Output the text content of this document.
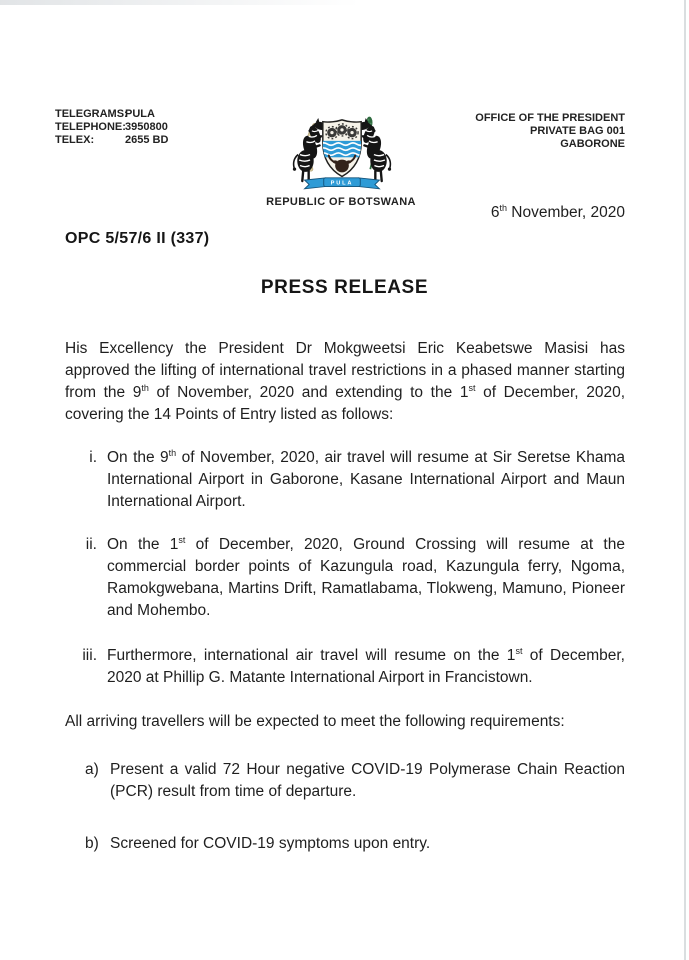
TELEGRAMS:
PULA
TELEPHONE: 3950800
TELEX:	2655 BD
OFFICE OF THE PRESIDENT
PRIVATE BAG 001
GABORONE
PULA
REPUBLIC OF BOTSWANA
6th November, 2020
OPC 5/57/6 II (337)
PRESS RELEASE

His Excellency the President Dr Mokgweetsi Eric Keabetswe Masisi has approved the lifting of international travel restrictions in a phased manner starting from the 9th of November, 2020 and extending to the 1st of December, 2020, covering the 14 Points of Entry listed as follows:

i. On the 9th of November, 2020, air travel will resume at Sir Seretse Khama International Airport in Gaborone, Kasane International Airport and Maun International Airport.
ii. On the 1st of December, 2020, Ground Crossing will resume at the commercial border points of Kazungula road, Kazungula ferry, Ngoma, Ramokgwebana, Martins Drift, Ramatlabama, Tlokweng, Mamuno, Pioneer and Mohembo.
iii. Furthermore, international air travel will resume on the 1st of December, 2020 at Phillip G. Matante International Airport in Francistown.

All arriving travellers will be expected to meet the following requirements:

a) Present a valid 72 Hour negative COVID-19 Polymerase Chain Reaction (PCR) result from time of departure.
b) Screened for COVID-19 symptoms upon entry.
